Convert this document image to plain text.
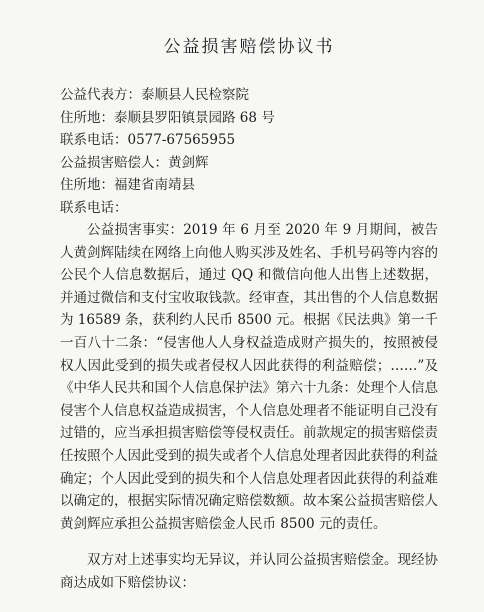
公益损害赔偿协议书
公益代表方：泰顺县人民检察院
住所地：泰顺县罗阳镇景园路 68 号
联系电话：0577-67565955
公益损害赔偿人：黄剑辉
住所地：福建省南靖县
联系电话：

公益损害事实：2019 年 6 月至 2020 年 9 月期间，被告人黄剑辉陆续在网络上向他人购买涉及姓名、手机号码等内容的公民个人信息数据后，通过 QQ 和微信向他人出售上述数据，并通过微信和支付宝收取钱款。经审查，其出售的个人信息数据为 16589 条，获利约人民币 8500 元。根据《民法典》第一千一百八十二条：“侵害他人人身权益造成财产损失的，按照被侵权人因此受到的损失或者侵权人因此获得的利益赔偿；……”及《中华人民共和国个人信息保护法》第六十九条：处理个人信息侵害个人信息权益造成损害，个人信息处理者不能证明自己没有过错的，应当承担损害赔偿等侵权责任。前款规定的损害赔偿责任按照个人因此受到的损失或者个人信息处理者因此获得的利益确定；个人因此受到的损失和个人信息处理者因此获得的利益难以确定的，根据实际情况确定赔偿数额。故本案公益损害赔偿人黄剑辉应承担公益损害赔偿金人民币 8500 元的责任。

双方对上述事实均无异议，并认同公益损害赔偿金。现经协商达成如下赔偿协议：
